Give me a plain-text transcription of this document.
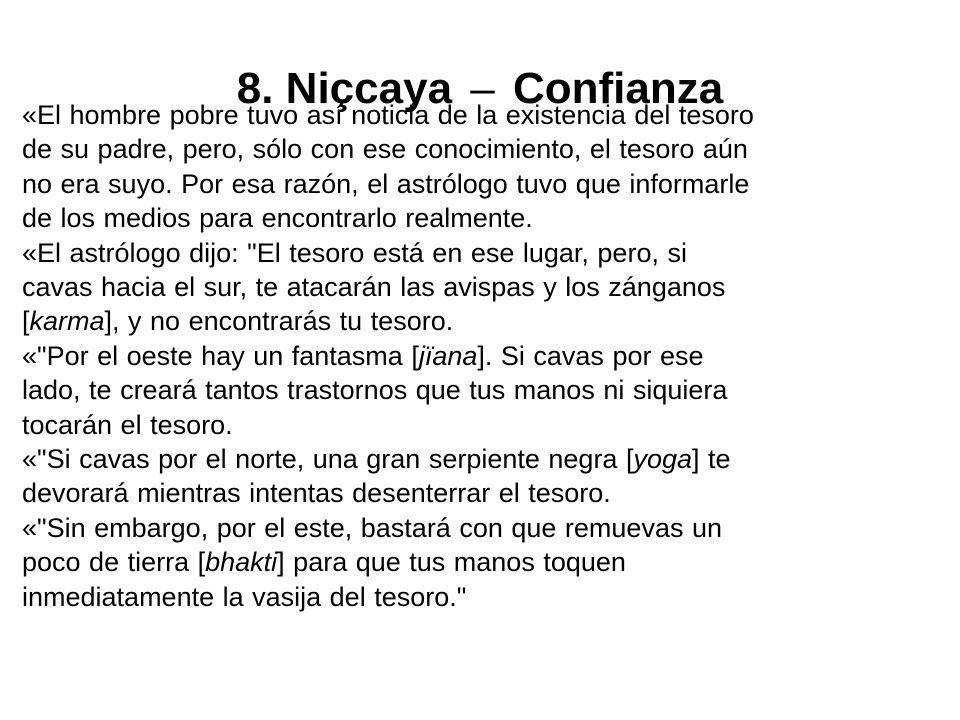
8. Niçcaya – Confianza
«El hombre pobre tuvo así noticia de la existencia del tesoro
de su padre, pero, sólo con ese conocimiento, el tesoro aún
no era suyo. Por esa razón, el astrólogo tuvo que informarle
de los medios para encontrarlo realmente.
«El astrólogo dijo: "El tesoro está en ese lugar, pero, si
cavas hacia el sur, te atacarán las avispas y los zánganos
[karma], y no encontrarás tu tesoro.
«"Por el oeste hay un fantasma [jïana]. Si cavas por ese
lado, te creará tantos trastornos que tus manos ni siquiera
tocarán el tesoro.
«"Si cavas por el norte, una gran serpiente negra [yoga] te
devorará mientras intentas desenterrar el tesoro.
«"Sin embargo, por el este, bastará con que remuevas un
poco de tierra [bhakti] para que tus manos toquen
inmediatamente la vasija del tesoro."
